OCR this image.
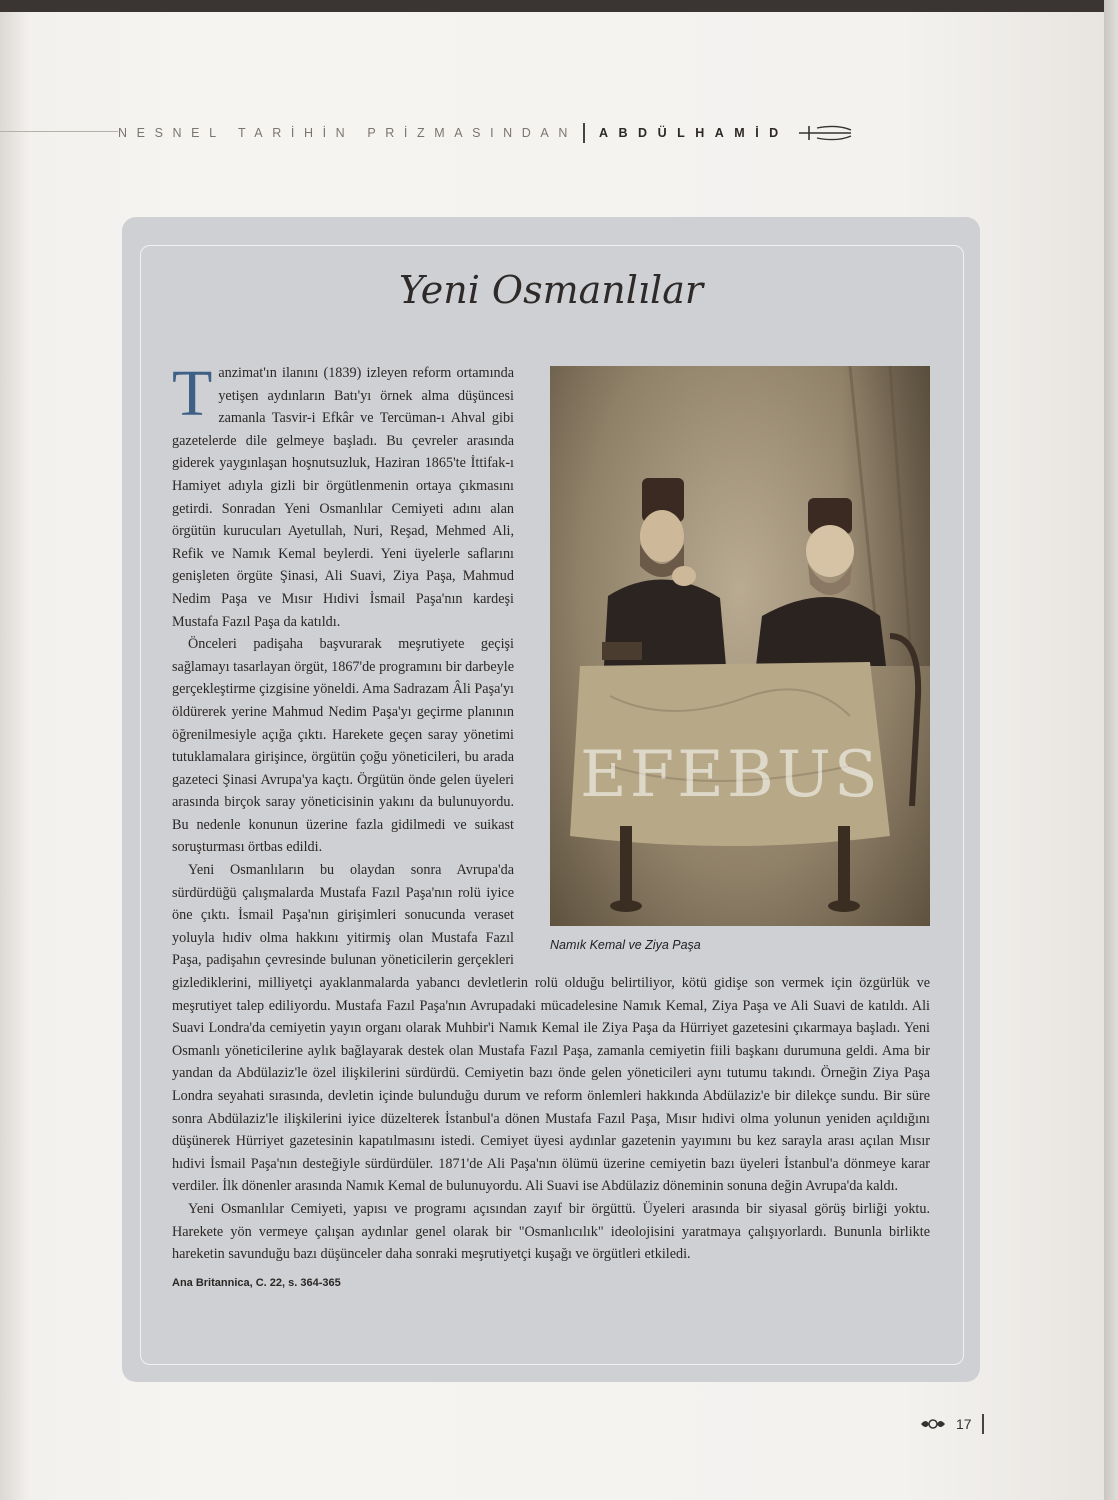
NESNEL TARİHİN PRİZMASINDAN ABDÜLHAMİD
Yeni Osmanlılar
Namık Kemal ve Ziya Paşa

Tanzimat'ın ilanını (1839) izleyen reform ortamında yetişen aydınların Batı'yı örnek alma düşüncesi zamanla Tasvir-i Efkâr ve Tercüman-ı Ahval gibi gazetelerde dile gelmeye başladı. Bu çevreler arasında giderek yaygınlaşan hoşnutsuzluk, Haziran 1865'te İttifak-ı Hamiyet adıyla gizli bir örgütlenmenin ortaya çıkmasını getirdi. Sonradan Yeni Osmanlılar Cemiyeti adını alan örgütün kurucuları Ayetullah, Nuri, Reşad, Mehmed Ali, Refik ve Namık Kemal beylerdi. Yeni üyelerle saflarını genişleten örgüte Şinasi, Ali Suavi, Ziya Paşa, Mahmud Nedim Paşa ve Mısır Hıdivi İsmail Paşa'nın kardeşi Mustafa Fazıl Paşa da katıldı.

Önceleri padişaha başvurarak meşrutiyete geçişi sağlamayı tasarlayan örgüt, 1867'de programını bir darbeyle gerçekleştirme çizgisine yöneldi. Ama Sadrazam Âli Paşa'yı öldürerek yerine Mahmud Nedim Paşa'yı geçirme planının öğrenilmesiyle açığa çıktı. Harekete geçen saray yönetimi tutuklamalara girişince, örgütün çoğu yöneticileri, bu arada gazeteci Şinasi Avrupa'ya kaçtı. Örgütün önde gelen üyeleri arasında birçok saray yöneticisinin yakını da bulunuyordu. Bu nedenle konunun üzerine fazla gidilmedi ve suikast soruşturması örtbas edildi.

Yeni Osmanlıların bu olaydan sonra Avrupa'da sürdürdüğü çalışmalarda Mustafa Fazıl Paşa'nın rolü iyice öne çıktı. İsmail Paşa'nın girişimleri sonucunda veraset yoluyla hıdiv olma hakkını yitirmiş olan Mustafa Fazıl Paşa, padişahın çevresinde bulunan yöneticilerin gerçekleri gizlediklerini, milliyetçi ayaklanmalarda yabancı devletlerin rolü olduğu belirtiliyor, kötü gidişe son vermek için özgürlük ve meşrutiyet talep ediliyordu. Mustafa Fazıl Paşa'nın Avrupadaki mücadelesine Namık Kemal, Ziya Paşa ve Ali Suavi de katıldı. Ali Suavi Londra'da cemiyetin yayın organı olarak Muhbir'i Namık Kemal ile Ziya Paşa da Hürriyet gazetesini çıkarmaya başladı. Yeni Osmanlı yöneticilerine aylık bağlayarak destek olan Mustafa Fazıl Paşa, zamanla cemiyetin fiili başkanı durumuna geldi. Ama bir yandan da Abdülaziz'le özel ilişkilerini sürdürdü. Cemiyetin bazı önde gelen yöneticileri aynı tutumu takındı. Örneğin Ziya Paşa Londra seyahati sırasında, devletin içinde bulunduğu durum ve reform önlemleri hakkında Abdülaziz'e bir dilekçe sundu. Bir süre sonra Abdülaziz'le ilişkilerini iyice düzelterek İstanbul'a dönen Mustafa Fazıl Paşa, Mısır hıdivi olma yolunun yeniden açıldığını düşünerek Hürriyet gazetesinin kapatılmasını istedi. Cemiyet üyesi aydınlar gazetenin yayımını bu kez sarayla arası açılan Mısır hıdivi İsmail Paşa'nın desteğiyle sürdürdüler. 1871'de Ali Paşa'nın ölümü üzerine cemiyetin bazı üyeleri İstanbul'a dönmeye karar verdiler. İlk dönenler arasında Namık Kemal de bulunuyordu. Ali Suavi ise Abdülaziz döneminin sonuna değin Avrupa'da kaldı.

Yeni Osmanlılar Cemiyeti, yapısı ve programı açısından zayıf bir örgüttü. Üyeleri arasında bir siyasal görüş birliği yoktu. Harekete yön vermeye çalışan aydınlar genel olarak bir "Osmanlıcılık" ideolojisini yaratmaya çalışıyorlardı. Bununla birlikte hareketin savunduğu bazı düşünceler daha sonraki meşrutiyetçi kuşağı ve örgütleri etkiledi.

Ana Britannica, C. 22, s. 364-365
EFEBUS
17
